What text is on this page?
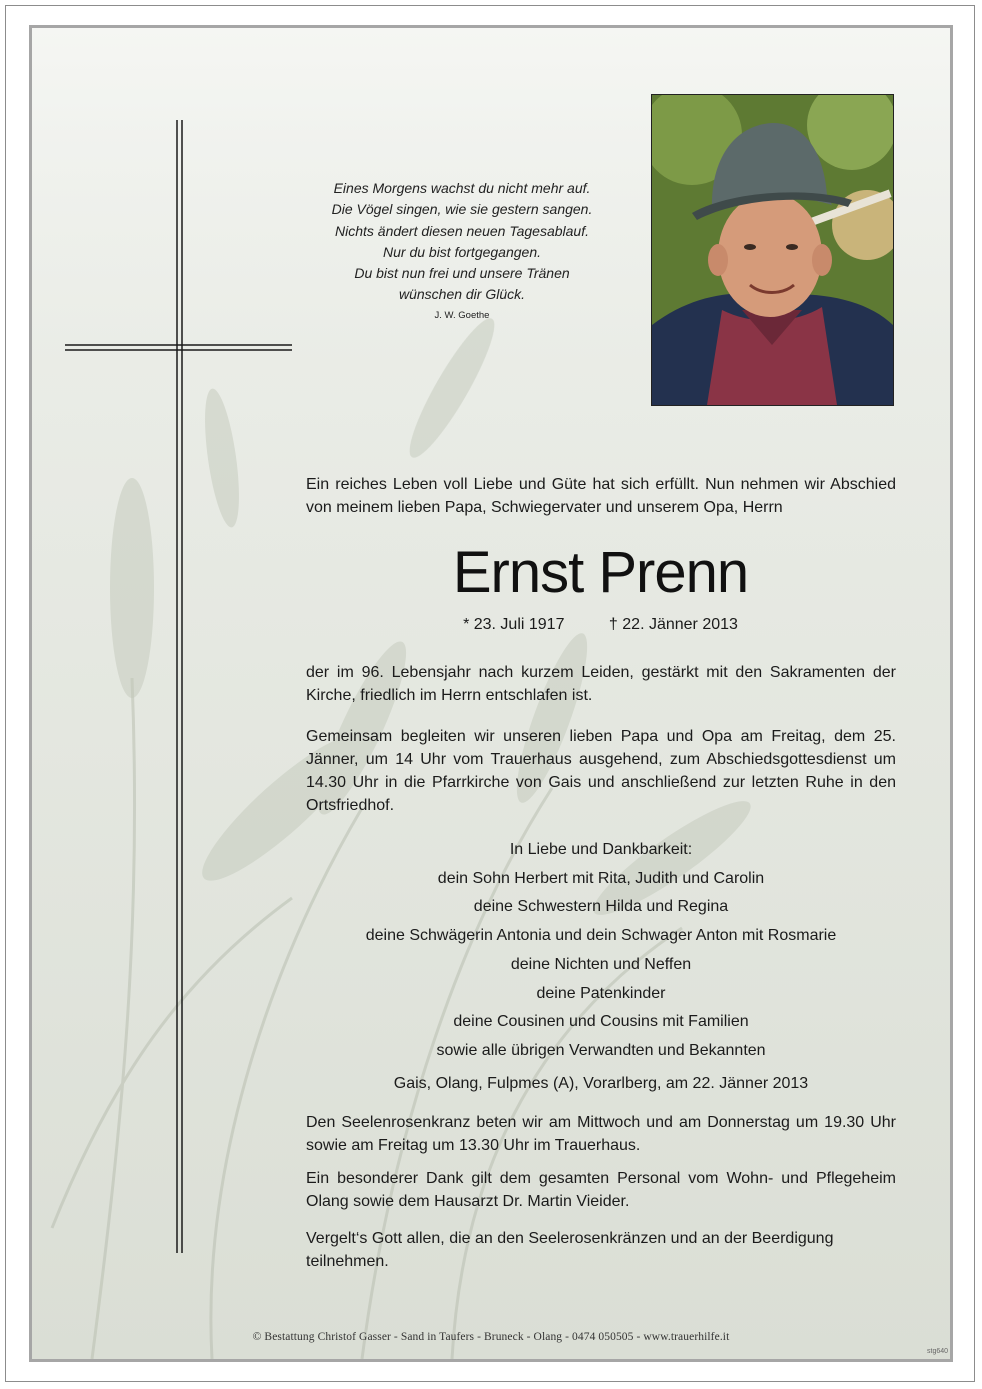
Eines Morgens wachst du nicht mehr auf.
Die Vögel singen, wie sie gestern sangen.
Nichts ändert diesen neuen Tagesablauf.
Nur du bist fortgegangen.
Du bist nun frei und unsere Tränen
wünschen dir Glück.
J. W. Goethe
Ein reiches Leben voll Liebe und Güte hat sich erfüllt. Nun nehmen wir Abschied von meinem lieben Papa, Schwiegervater und unserem Opa, Herrn
Ernst Prenn
* 23. Juli 1917	† 22. Jänner 2013
der im 96. Lebensjahr nach kurzem Leiden, gestärkt mit den Sakramenten der Kirche, friedlich im Herrn entschlafen ist.
Gemeinsam begleiten wir unseren lieben Papa und Opa am Freitag, dem 25. Jänner, um 14 Uhr vom Trauerhaus ausgehend, zum Abschiedsgottesdienst um 14.30 Uhr in die Pfarrkirche von Gais und anschließend zur letzten Ruhe in den Ortsfriedhof.
In Liebe und Dankbarkeit:
dein Sohn Herbert mit Rita, Judith und Carolin
deine Schwestern Hilda und Regina
deine Schwägerin Antonia und dein Schwager Anton mit Rosmarie
deine Nichten und Neffen
deine Patenkinder
deine Cousinen und Cousins mit Familien
sowie alle übrigen Verwandten und Bekannten
Gais, Olang, Fulpmes (A), Vorarlberg, am 22. Jänner 2013
Den Seelenrosenkranz beten wir am Mittwoch und am Donnerstag um 19.30 Uhr sowie am Freitag um 13.30 Uhr im Trauerhaus.
Ein besonderer Dank gilt dem gesamten Personal vom Wohn- und Pflegeheim Olang sowie dem Hausarzt Dr. Martin Vieider.
Vergelt‘s Gott allen, die an den Seelerosenkränzen und an der Beerdigung teilnehmen.
© Bestattung Christof Gasser - Sand in Taufers - Bruneck - Olang - 0474 050505 - www.trauerhilfe.it
stg640
